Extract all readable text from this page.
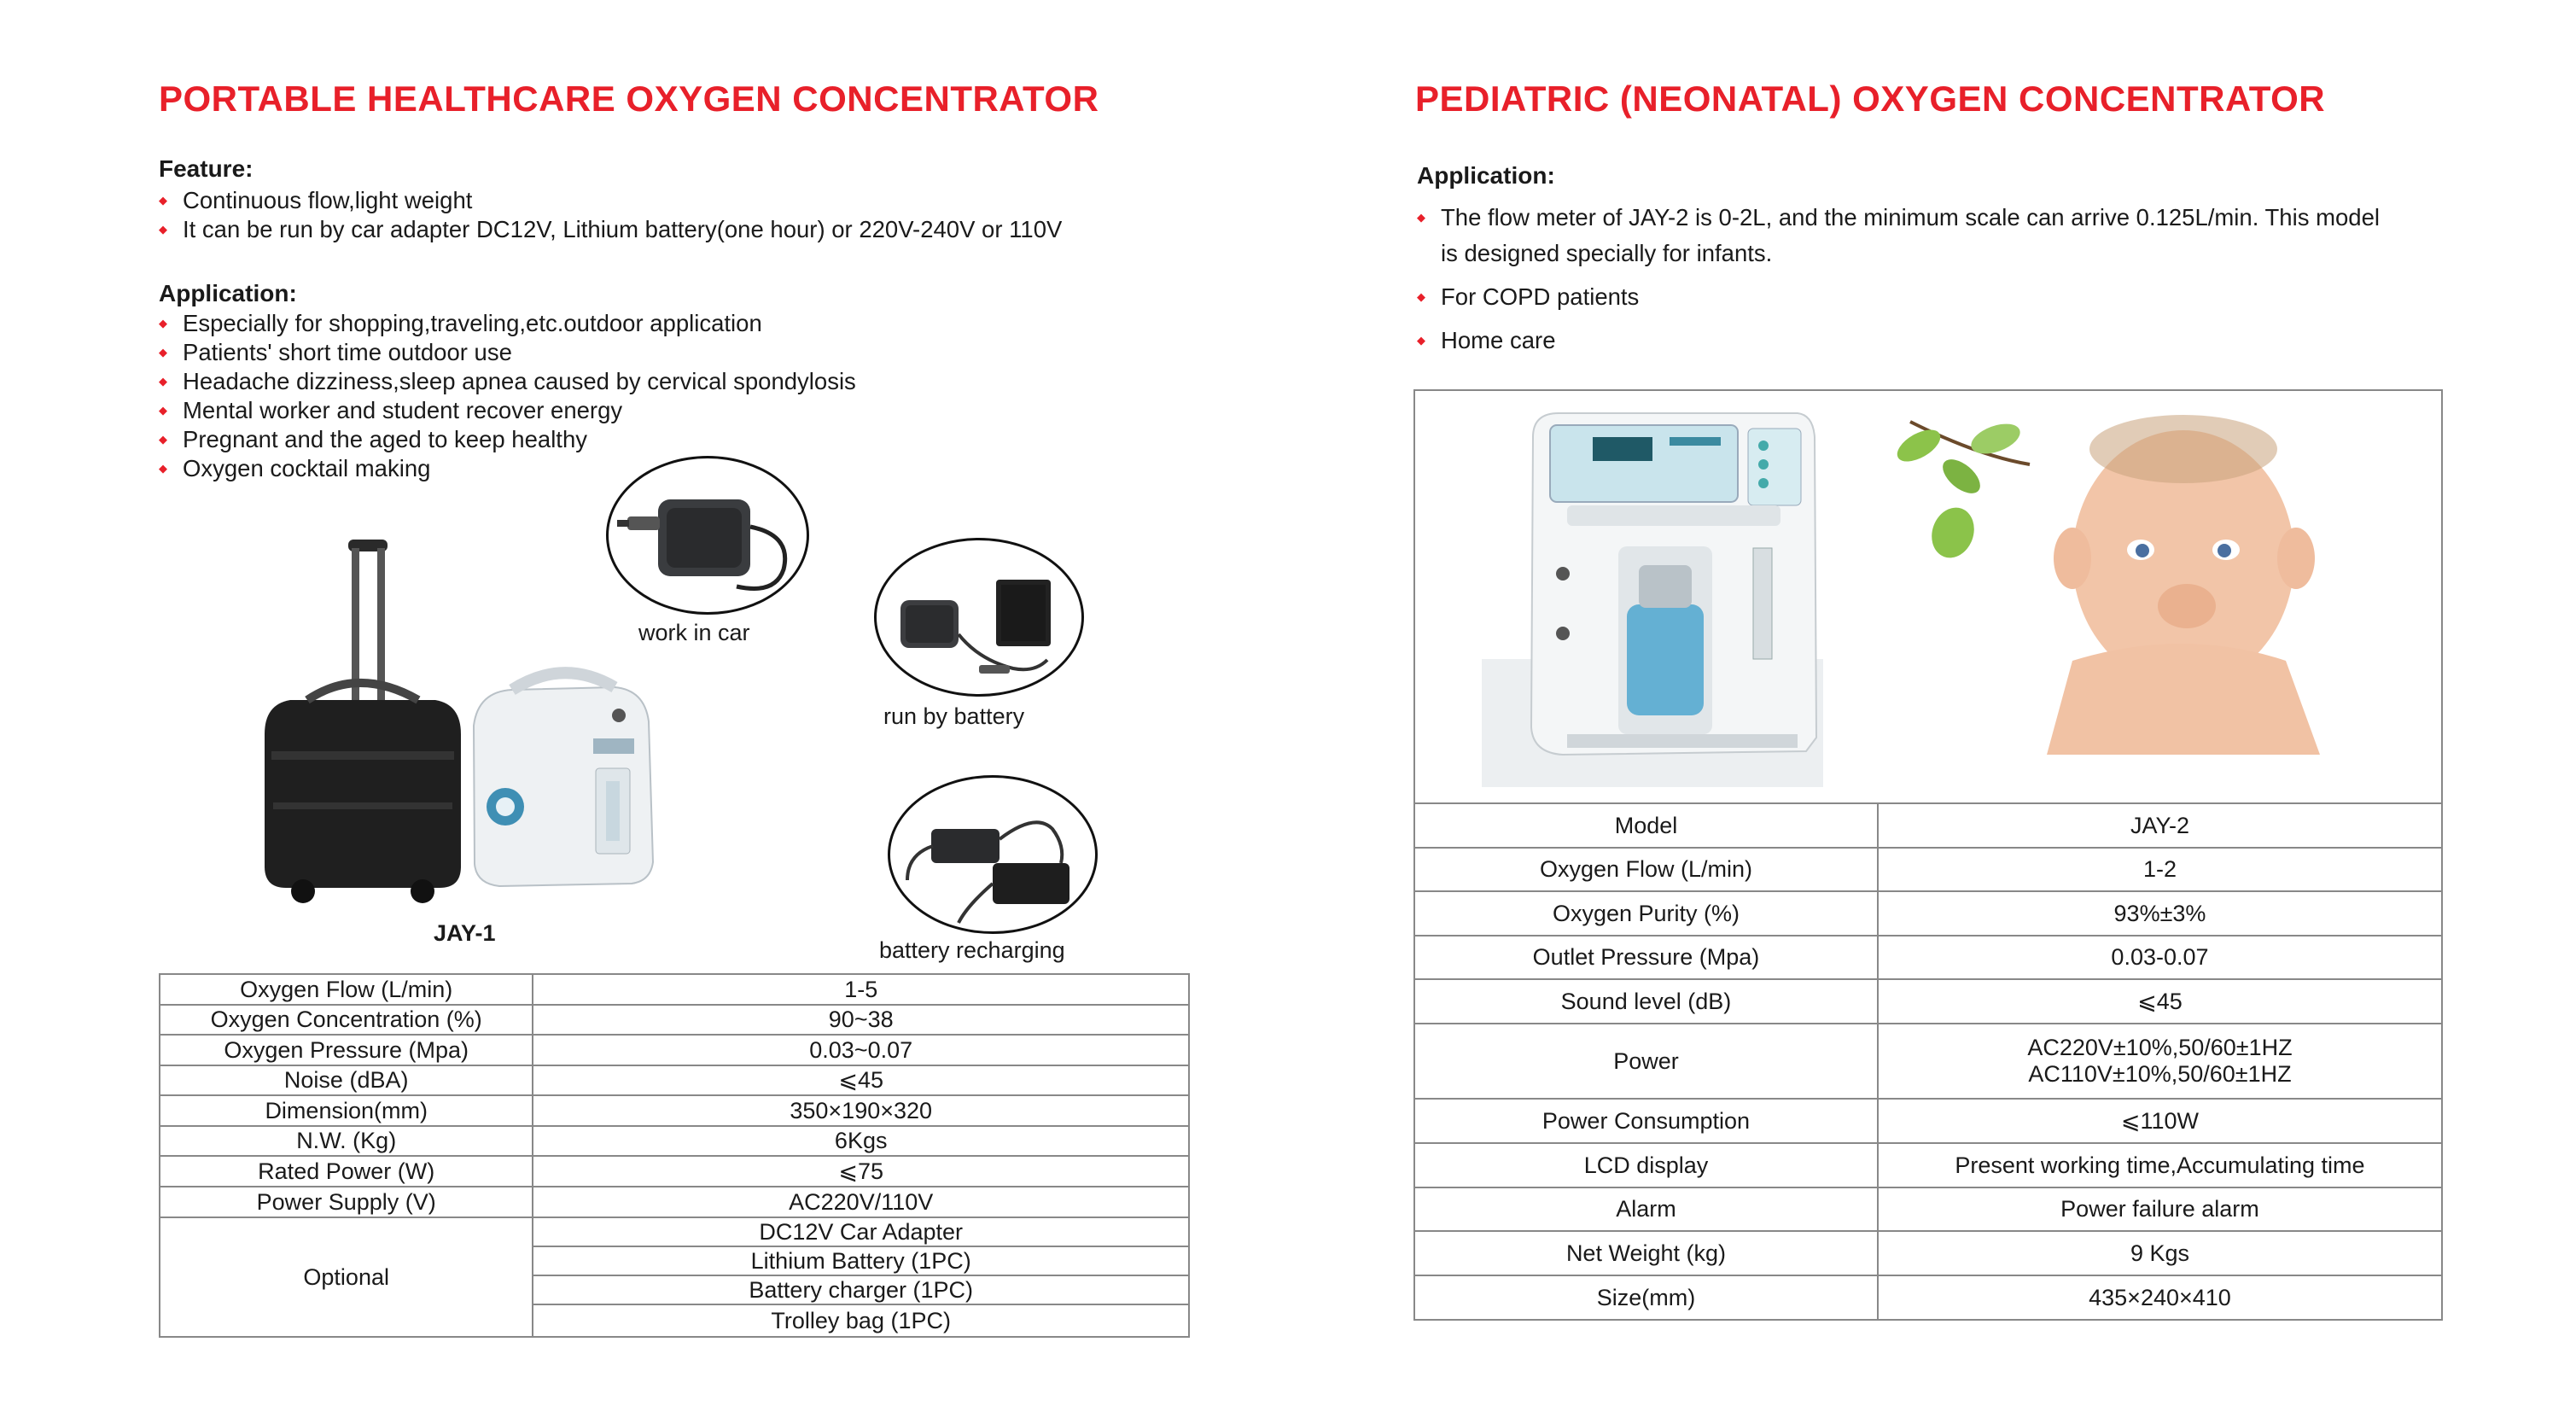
PORTABLE HEALTHCARE OXYGEN CONCENTRATOR
Feature:
◆ Continuous flow,light weight
◆ It can be run by car adapter DC12V, Lithium battery(one hour) or 220V-240V or 110V
Application:
◆ Especially for shopping,traveling,etc.outdoor application
◆ Patients' short time outdoor use
◆ Headache dizziness,sleep apnea caused by cervical spondylosis
◆ Mental worker and student recover energy
◆ Pregnant and the aged to keep healthy
◆ Oxygen cocktail making
JAY-1
work in car
run by battery
battery recharging
Oxygen Flow (L/min)	1-5
Oxygen Concentration (%)	90~38
Oxygen Pressure (Mpa)	0.03~0.07
Noise (dBA)	⩽45
Dimension(mm)	350×190×320
N.W. (Kg)	6Kgs
Rated Power (W)	⩽75
Power Supply (V)	AC220V/110V
Optional	DC12V Car Adapter
	Lithium Battery (1PC)
	Battery charger (1PC)
	Trolley bag (1PC)
PEDIATRIC (NEONATAL) OXYGEN CONCENTRATOR
Application:
◆ The flow meter of JAY-2 is 0-2L, and the minimum scale can arrive 0.125L/min. This model is designed specially for infants.
◆ For COPD patients
◆ Home care

Model	JAY-2
Oxygen Flow (L/min)	1-2
Oxygen Purity (%)	93%±3%
Outlet Pressure (Mpa)	0.03-0.07
Sound level (dB)	⩽45
Power	AC220V±10%,50/60±1HZ
AC110V±10%,50/60±1HZ

Power Consumption	⩽110W
LCD display	Present working time,Accumulating time
Alarm	Power failure alarm
Net Weight (kg)	9 Kgs
Size(mm)	435×240×410
